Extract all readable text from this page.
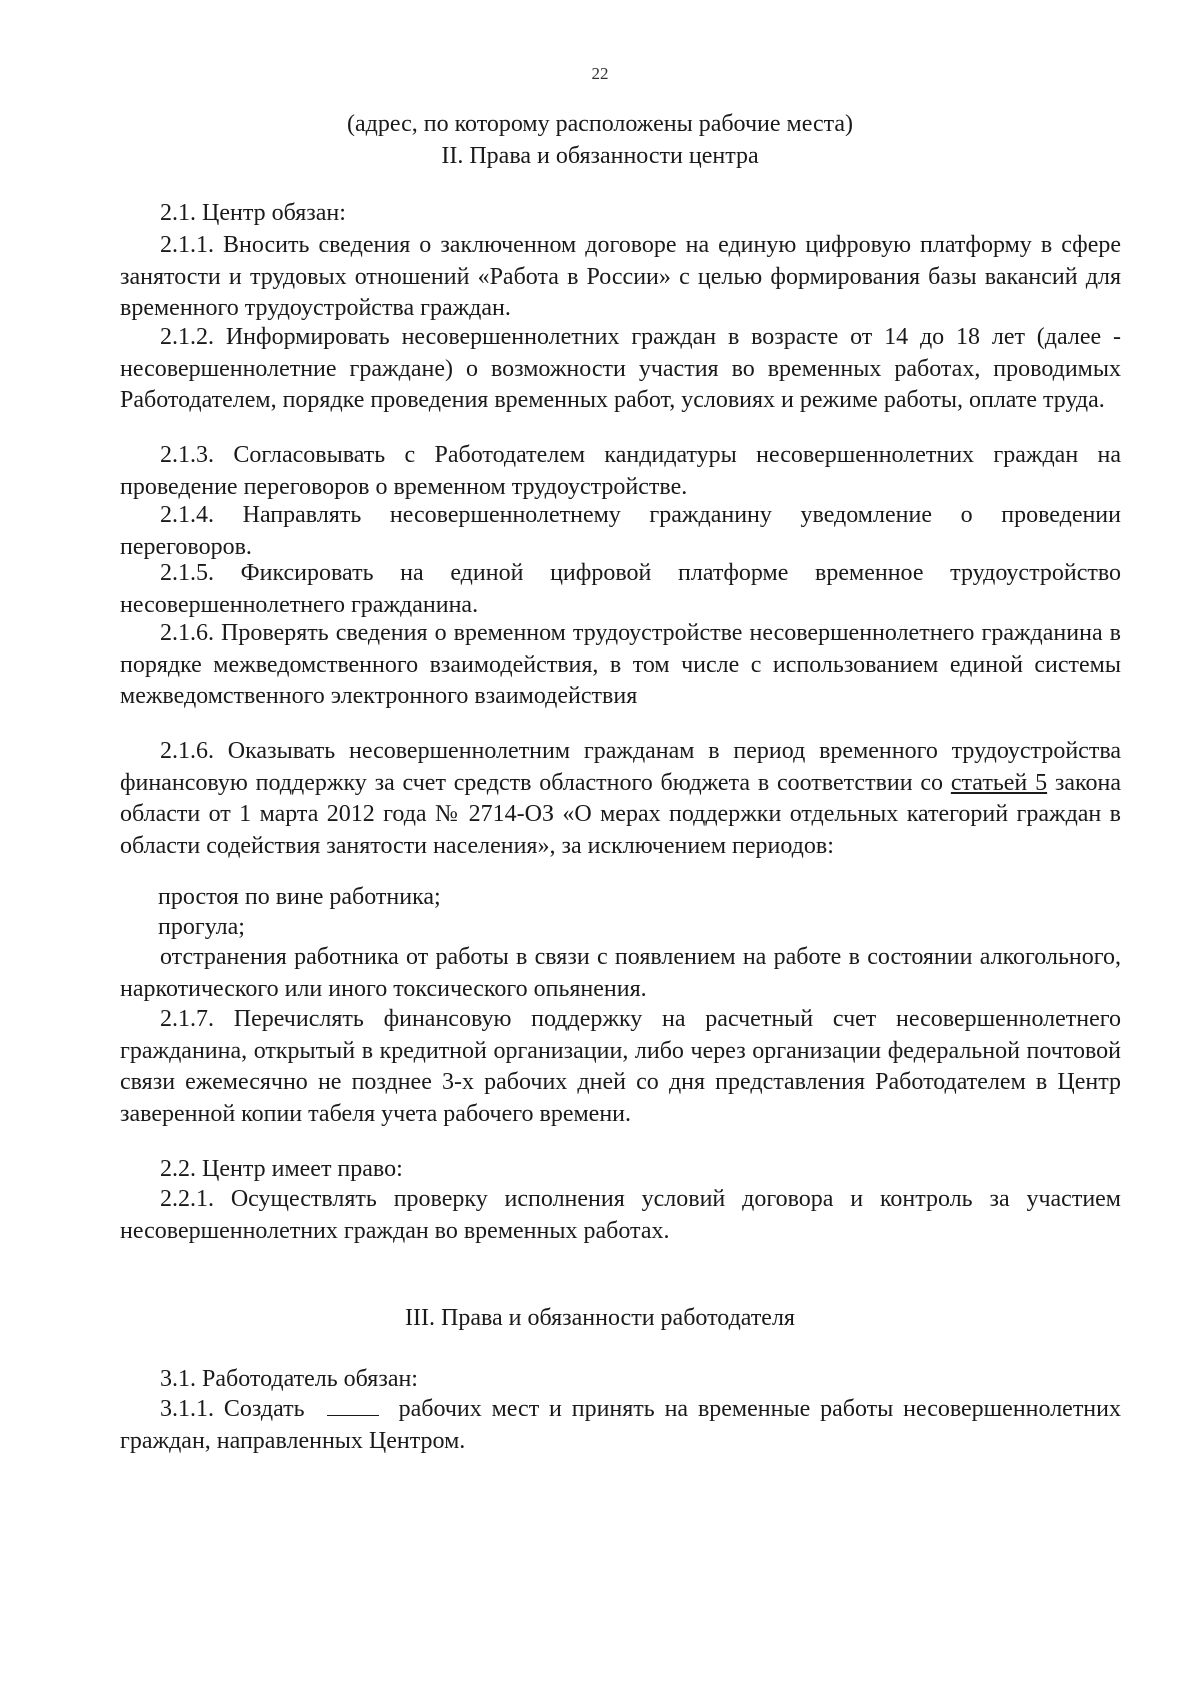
22
(адрес, по которому расположены рабочие места)
II. Права и обязанности центра

2.1. Центр обязан:

2.1.1. Вносить сведения о заключенном договоре на единую цифровую платформу в сфере занятости и трудовых отношений «Работа в России» с целью формирования базы вакансий для временного трудоустройства граждан.

2.1.2. Информировать несовершеннолетних граждан в возрасте от 14 до 18 лет (далее - несовершеннолетние граждане) о возможности участия во временных работах, проводимых Работодателем, порядке проведения временных работ, условиях и режиме работы, оплате труда.

2.1.3. Согласовывать с Работодателем кандидатуры несовершеннолетних граждан на проведение переговоров о временном трудоустройстве.

2.1.4. Направлять несовершеннолетнему гражданину уведомление о проведении переговоров.

2.1.5. Фиксировать на единой цифровой платформе временное трудоустройство несовершеннолетнего гражданина.

2.1.6. Проверять сведения о временном трудоустройстве несовершеннолетнего гражданина в порядке межведомственного взаимодействия, в том числе с использованием единой системы межведомственного электронного взаимодействия

2.1.6. Оказывать несовершеннолетним гражданам в период временного трудоустройства финансовую поддержку за счет средств областного бюджета в соответствии со статьей 5 закона области от 1 марта 2012 года № 2714-ОЗ «О мерах поддержки отдельных категорий граждан в области содействия занятости населения», за исключением периодов:

простоя по вине работника;

прогула;

отстранения работника от работы в связи с появлением на работе в состоянии алкогольного, наркотического или иного токсического опьянения.

2.1.7. Перечислять финансовую поддержку на расчетный счет несовершеннолетнего гражданина, открытый в кредитной организации, либо через организации федеральной почтовой связи ежемесячно не позднее 3-х рабочих дней со дня представления Работодателем в Центр заверенной копии табеля учета рабочего времени.

2.2. Центр имеет право:

2.2.1. Осуществлять проверку исполнения условий договора и контроль за участием несовершеннолетних граждан во временных работах.

III. Права и обязанности работодателя

3.1. Работодатель обязан:

3.1.1. Создать	рабочих мест и принять на временные работы несовершеннолетних граждан, направленных Центром.
